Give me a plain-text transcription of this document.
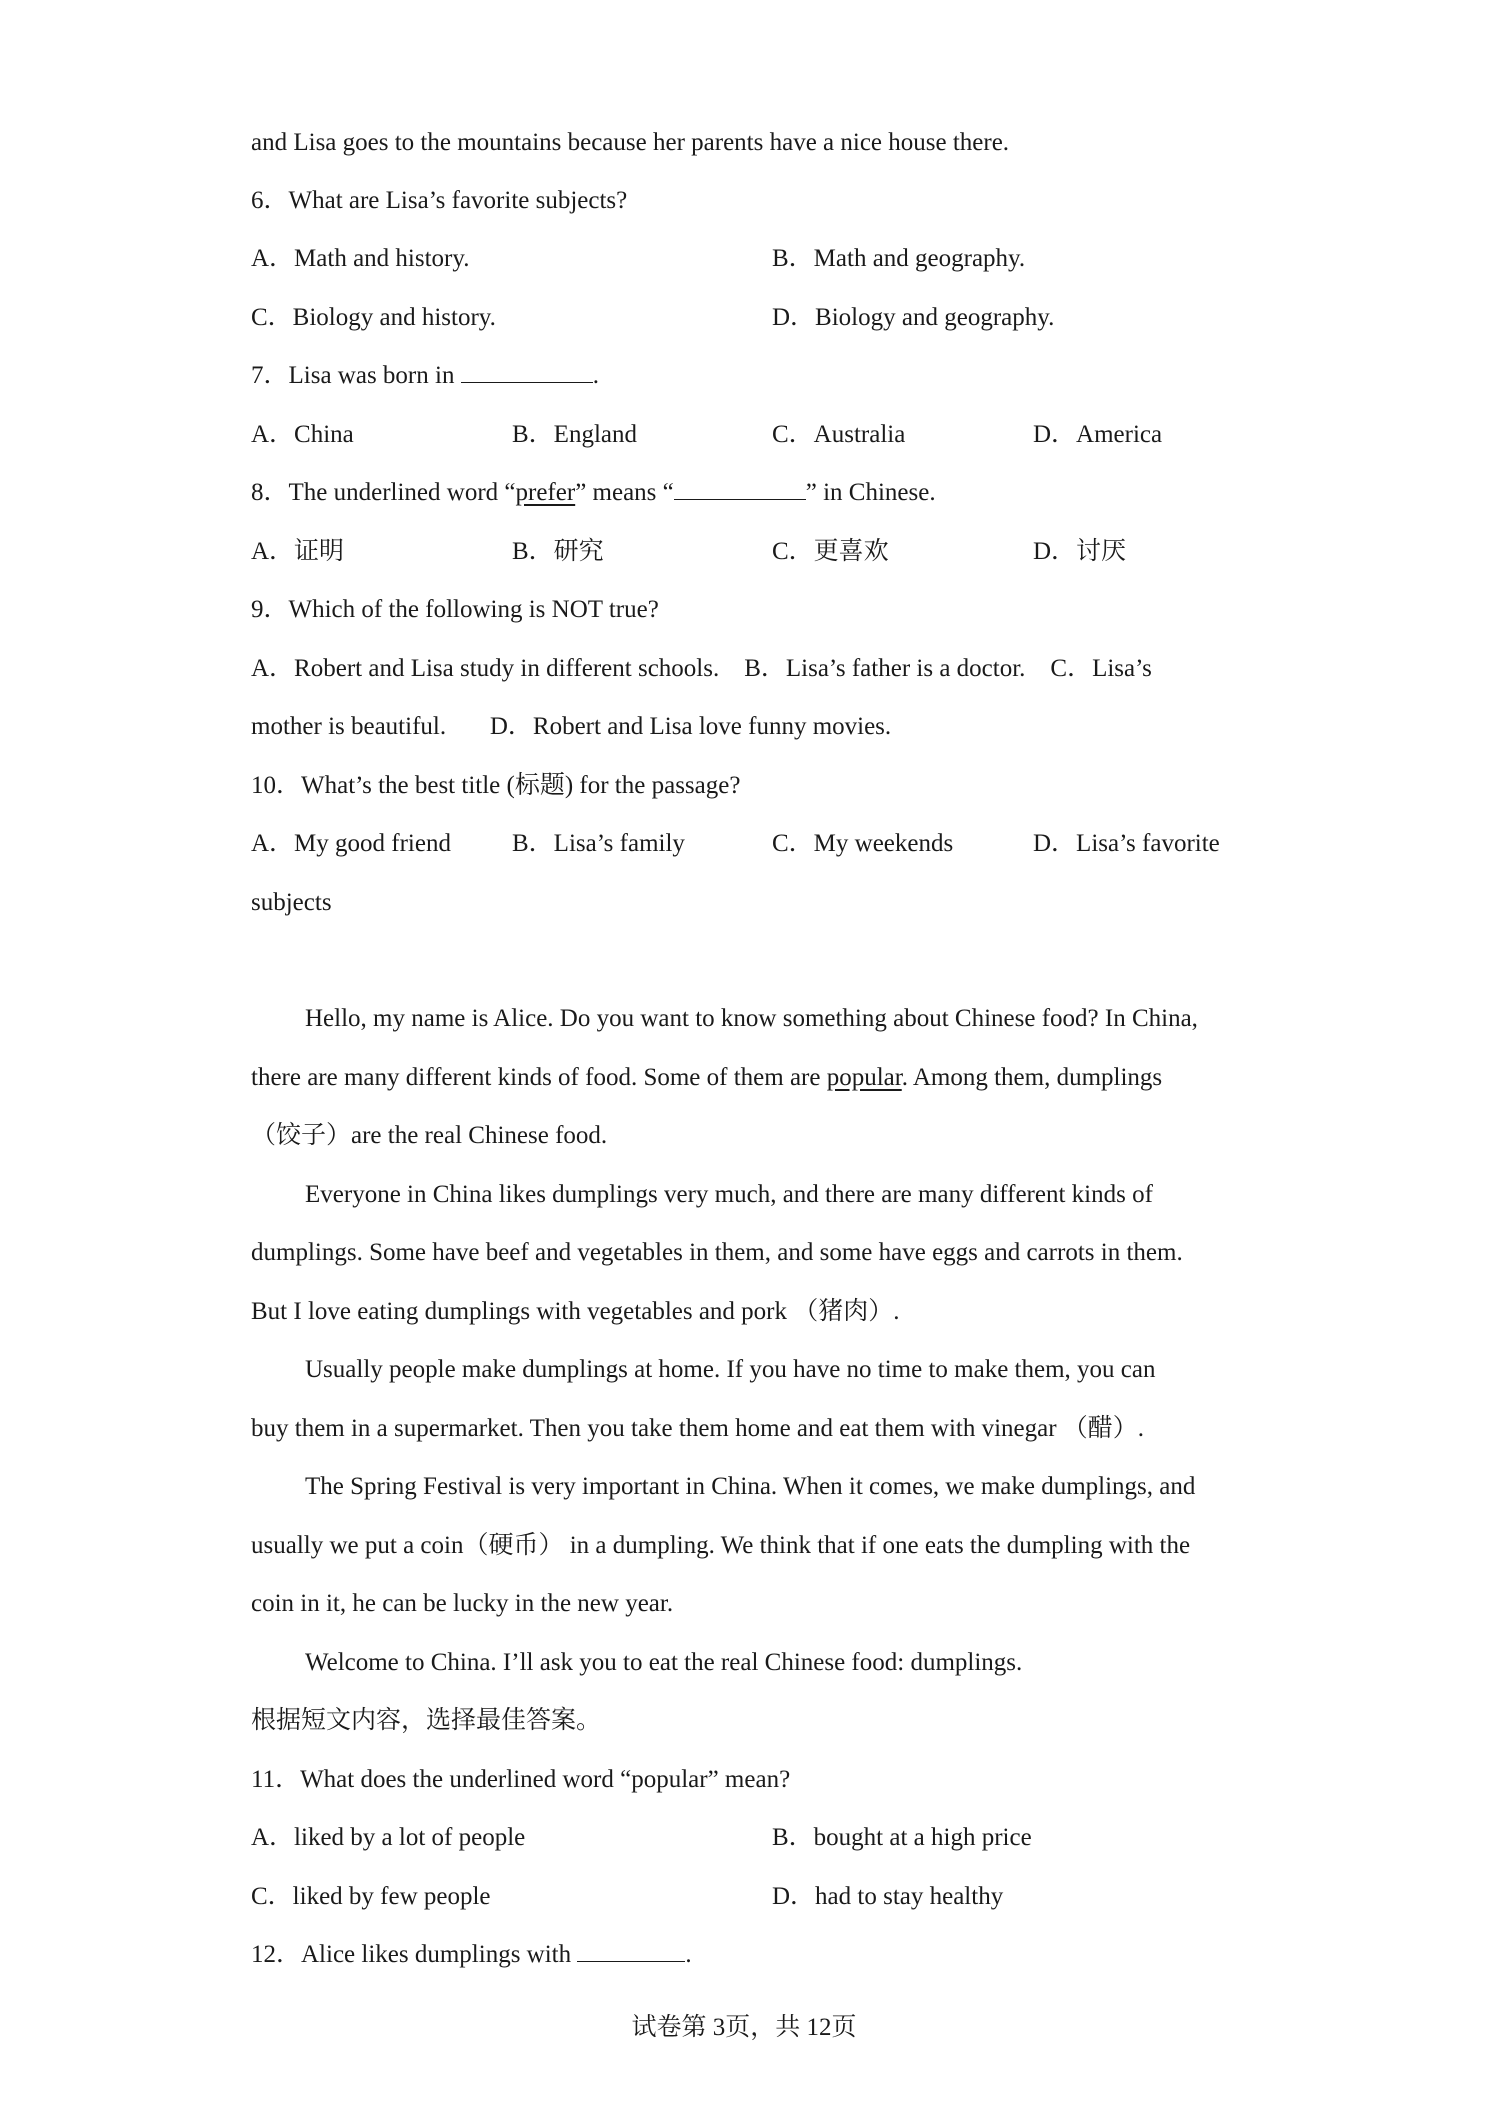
and Lisa goes to the mountains because her parents have a nice house there.
6．What are Lisa’s favorite subjects?
A．Math and history.	B．Math and geography.
C．Biology and history.	D．Biology and geography.
7．Lisa was born in	.
A．China	B．England	C．Australia	D．America
8．The underlined word “prefer” means “	” in Chinese.
A．证明	B．研究	C．更喜欢	D．讨厌
9．Which of the following is NOT true?
A．Robert and Lisa study in different schools.    B．Lisa’s father is a doctor.    C．Lisa’s
mother is beautiful.       D．Robert and Lisa love funny movies.
10．What’s the best title (标题) for the passage?
A．My good friend B．Lisa’s family	C．My weekends	D．Lisa’s favorite
subjects
Hello, my name is Alice. Do you want to know something about Chinese food? In China,
there are many different kinds of food. Some of them are popular. Among them, dumplings
（饺子）are the real Chinese food.
Everyone in China likes dumplings very much, and there are many different kinds of
dumplings. Some have beef and vegetables in them, and some have eggs and carrots in them.
But I love eating dumplings with vegetables and pork （猪肉）.
Usually people make dumplings at home. If you have no time to make them, you can
buy them in a supermarket. Then you take them home and eat them with vinegar （醋）.
The Spring Festival is very important in China. When it comes, we make dumplings, and
usually we put a coin（硬币） in a dumpling. We think that if one eats the dumpling with the
coin in it, he can be lucky in the new year.
Welcome to China. I’ll ask you to eat the real Chinese food: dumplings.
根据短文内容，选择最佳答案。
11．What does the underlined word “popular” mean?
A．liked by a lot of people	B．bought at a high price
C．liked by few people	D．had to stay healthy
12．Alice likes dumplings with	.
试卷第 3页，共 12页
